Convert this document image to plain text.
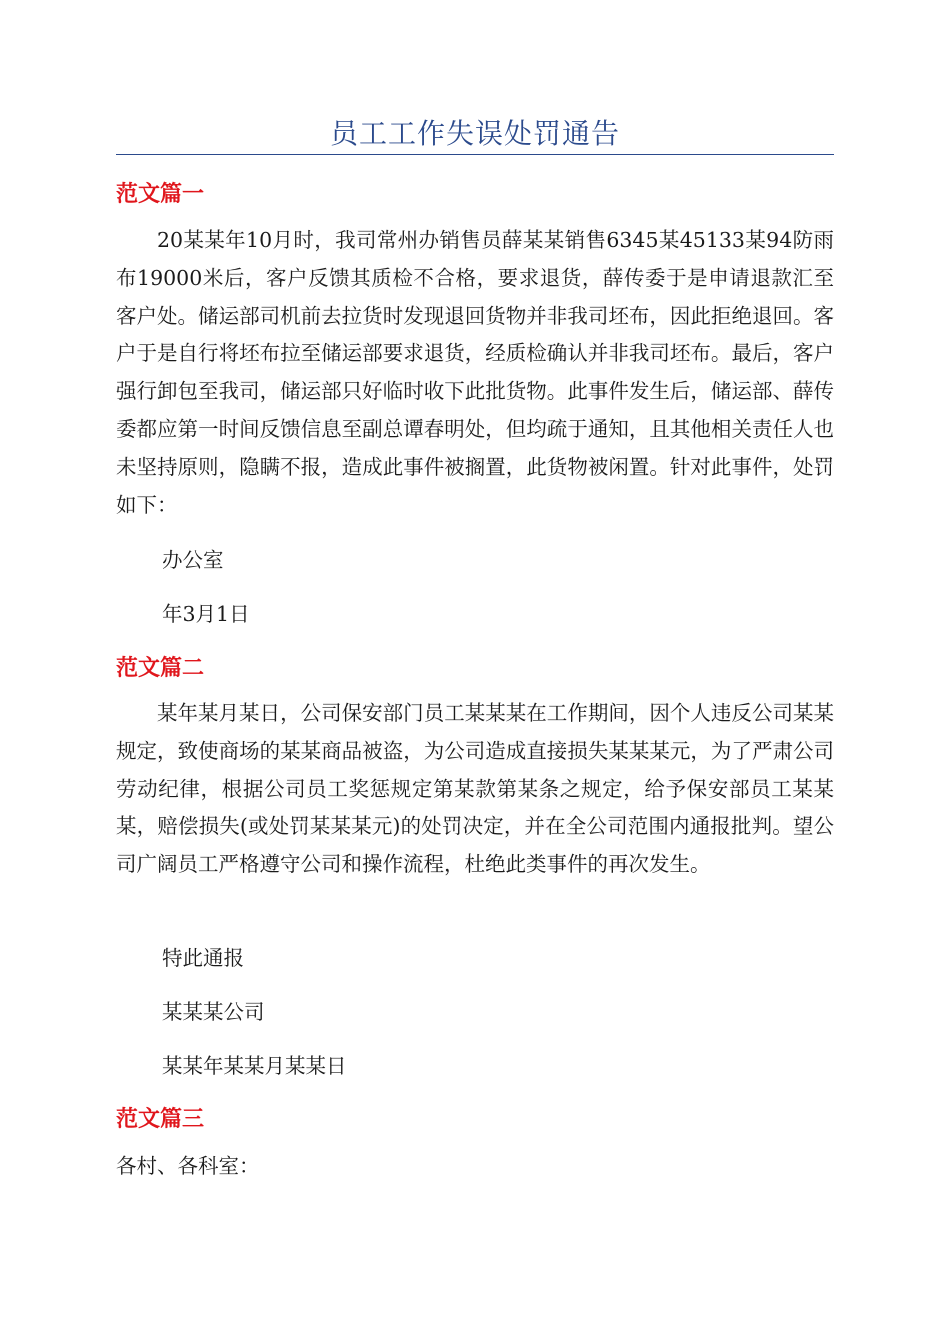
员工工作失误处罚通告
范文篇一
20某某年10月时，我司常州办销售员薛某某销售6345某45133某94防雨布19000米后，客户反馈其质检不合格，要求退货，薛传委于是申请退款汇至客户处。储运部司机前去拉货时发现退回货物并非我司坯布，因此拒绝退回。客户于是自行将坯布拉至储运部要求退货，经质检确认并非我司坯布。最后，客户强行卸包至我司，储运部只好临时收下此批货物。此事件发生后，储运部、薛传委都应第一时间反馈信息至副总谭春明处，但均疏于通知，且其他相关责任人也未坚持原则，隐瞒不报，造成此事件被搁置，此货物被闲置。针对此事件，处罚如下：
办公室
年3月1日
范文篇二
某年某月某日，公司保安部门员工某某某在工作期间，因个人违反公司某某规定，致使商场的某某商品被盗，为公司造成直接损失某某某元，为了严肃公司劳动纪律，根据公司员工奖惩规定第某款第某条之规定，给予保安部员工某某某，赔偿损失(或处罚某某某元)的处罚决定，并在全公司范围内通报批判。望公司广阔员工严格遵守公司和操作流程，杜绝此类事件的再次发生。
特此通报
某某某公司
某某年某某月某某日
范文篇三
各村、各科室：
